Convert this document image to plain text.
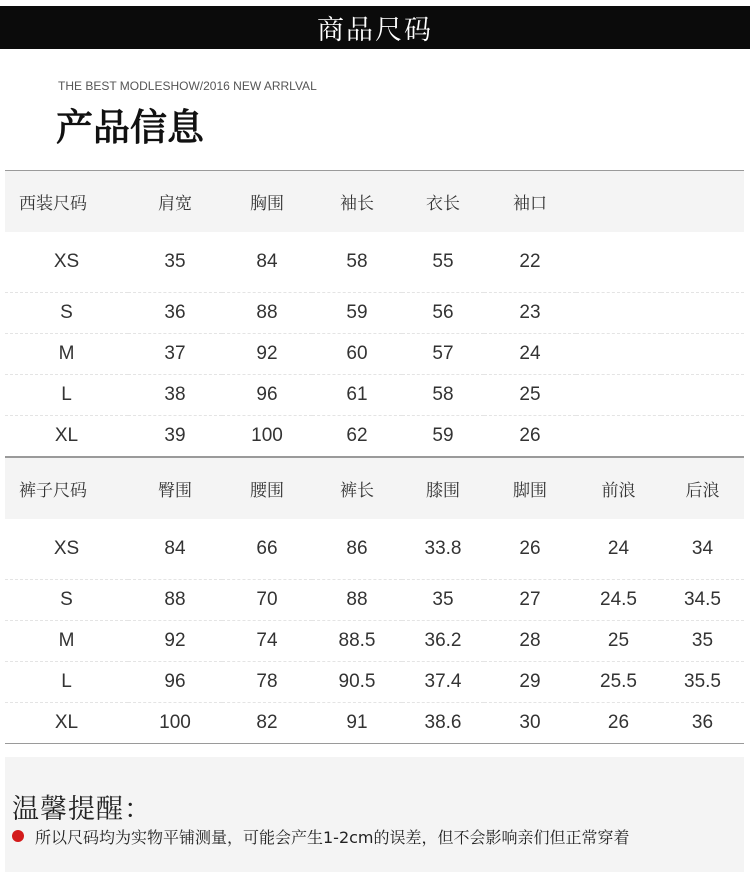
商品尺码
THE BEST MODLESHOW/2016 NEW ARRLVAL
产品信息
西装尺码	肩宽	胸围	袖长	衣长	袖口		
XS	35	84	58	55	22		
S	36	88	59	56	23		
M	37	92	60	57	24		
L	38	96	61	58	25		
XL	39	100	62	59	26		
裤子尺码	臀围	腰围	裤长	膝围	脚围	前浪	后浪
XS	84	66	86	33.8	26	24	34
S	88	70	88	35	27	24.5	34.5
M	92	74	88.5	36.2	28	25	35
L	96	78	90.5	37.4	29	25.5	35.5
XL	100	82	91	38.6	30	26	36
温馨提醒：
所以尺码均为实物平铺测量，可能会产生1-2cm的误差，但不会影响亲们但正常穿着
